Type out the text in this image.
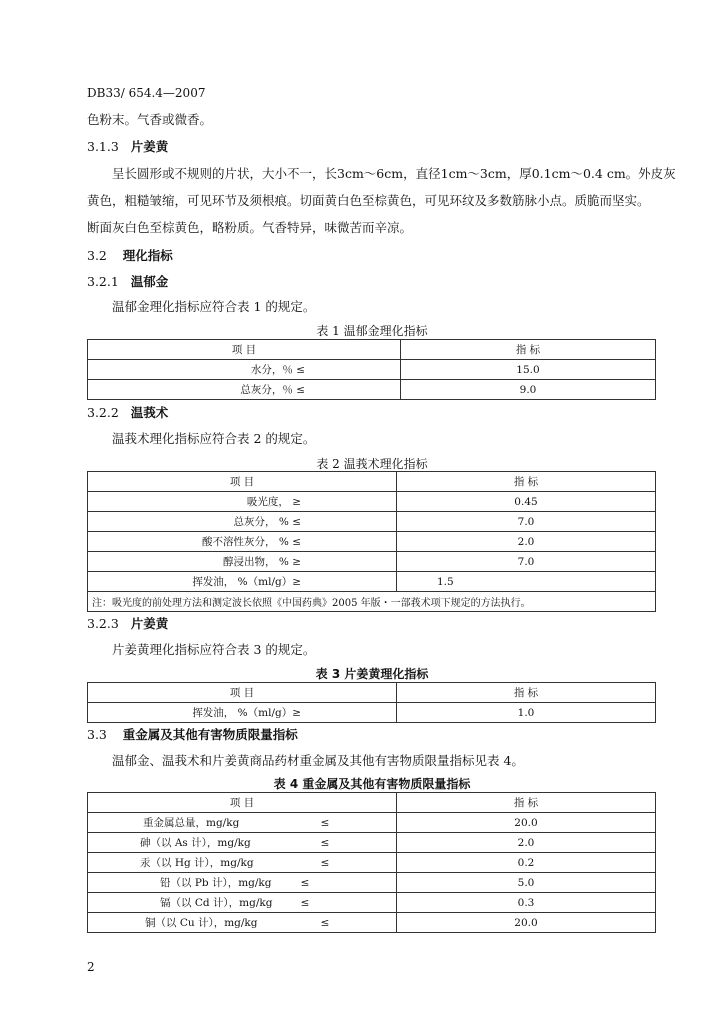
DB33/ 654.4—2007
色粉末。气香或微香。
3.1.3 片姜黄
呈长圆形或不规则的片状，大小不一，长3cm～6cm，直径1cm～3cm，厚0.1cm～0.4 cm。外皮灰
黄色，粗糙皱缩，可见环节及须根痕。切面黄白色至棕黄色，可见环纹及多数筋脉小点。质脆而坚实。
断面灰白色至棕黄色，略粉质。气香特异，味微苦而辛凉。
3.2 理化指标
3.2.1 温郁金
温郁金理化指标应符合表 1 的规定。
表 1 温郁金理化指标
项 目	指 标
水分，％ ≤	15.0
总灰分，％ ≤	9.0
3.2.2 温莪术
温莪术理化指标应符合表 2 的规定。
表 2 温莪术理化指标
项 目	指 标
吸光度， ≥	0.45
总灰分， % ≤	7.0
酸不溶性灰分， % ≤	2.0
醇浸出物， % ≥	7.0
挥发油， %（ml/g）≥	1.5
注：吸光度的前处理方法和测定波长依照《中国药典》2005 年版・一部莪术项下规定的方法执行。	
3.2.3 片姜黄
片姜黄理化指标应符合表 3 的规定。
表 3 片姜黄理化指标
项 目	指 标
挥发油， %（ml/g）≥	1.0
3.3 重金属及其他有害物质限量指标
温郁金、温莪术和片姜黄商品药材重金属及其他有害物质限量指标见表 4。
表 4 重金属及其他有害物质限量指标
项 目	指 标
重金属总量，mg/kg ≤	20.0
砷（以 As 计），mg/kg ≤	2.0
汞（以 Hg 计），mg/kg ≤	0.2
铅（以 Pb 计），mg/kg ≤	5.0
镉（以 Cd 计），mg/kg ≤	0.3
铜（以 Cu 计），mg/kg ≤	20.0
2
